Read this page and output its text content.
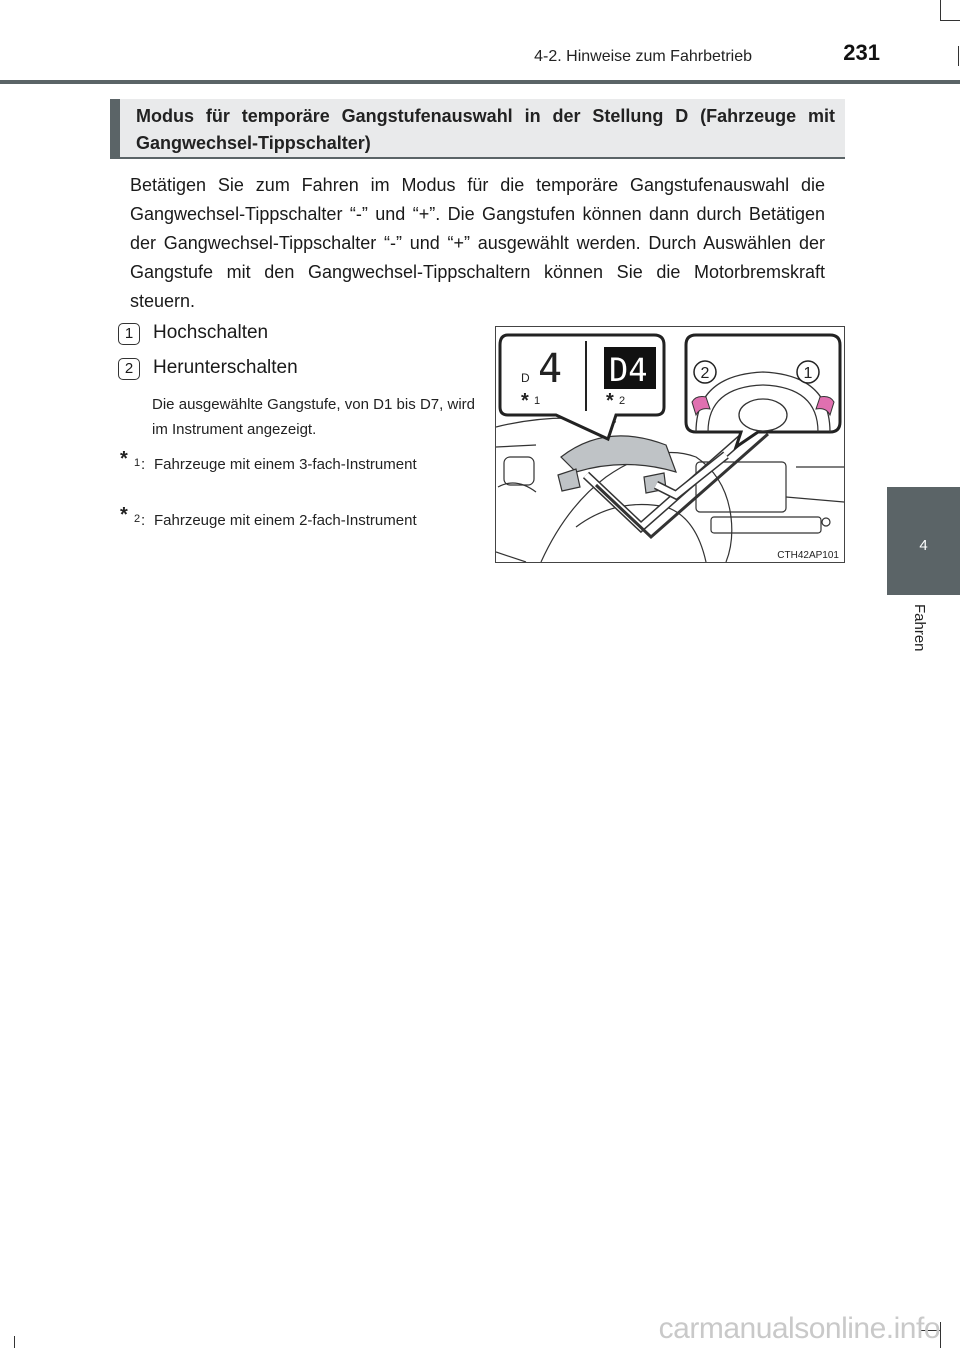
4-2. Hinweise zum Fahrbetrieb	231
4
Fahren
Modus für temporäre Gangstufenauswahl in der Stellung D (Fahrzeuge mit Gangwechsel-Tippschalter)
Betätigen Sie zum Fahren im Modus für die temporäre Gangstufenauswahl die Gangwechsel-Tippschalter “-” und “+”. Die Gangstufen können dann durch Betätigen der Gangwechsel-Tippschalter “-” und “+” ausgewählt werden. Durch Auswählen der Gangstufe mit den Gangwechsel-Tippschaltern können Sie die Motorbremskraft steuern.
1	Hochschalten
2	Herunterschalten
Die ausgewählte Gangstufe, von D1 bis D7, wird im Instrument angezeigt.
* 1 : Fahrzeuge mit einem 3-fach-Instrument
* 2 : Fahrzeuge mit einem 2-fach-Instrument
D 4 D4
* 1	* 2
2	1
CTH42AP101
carmanualsonline.info
